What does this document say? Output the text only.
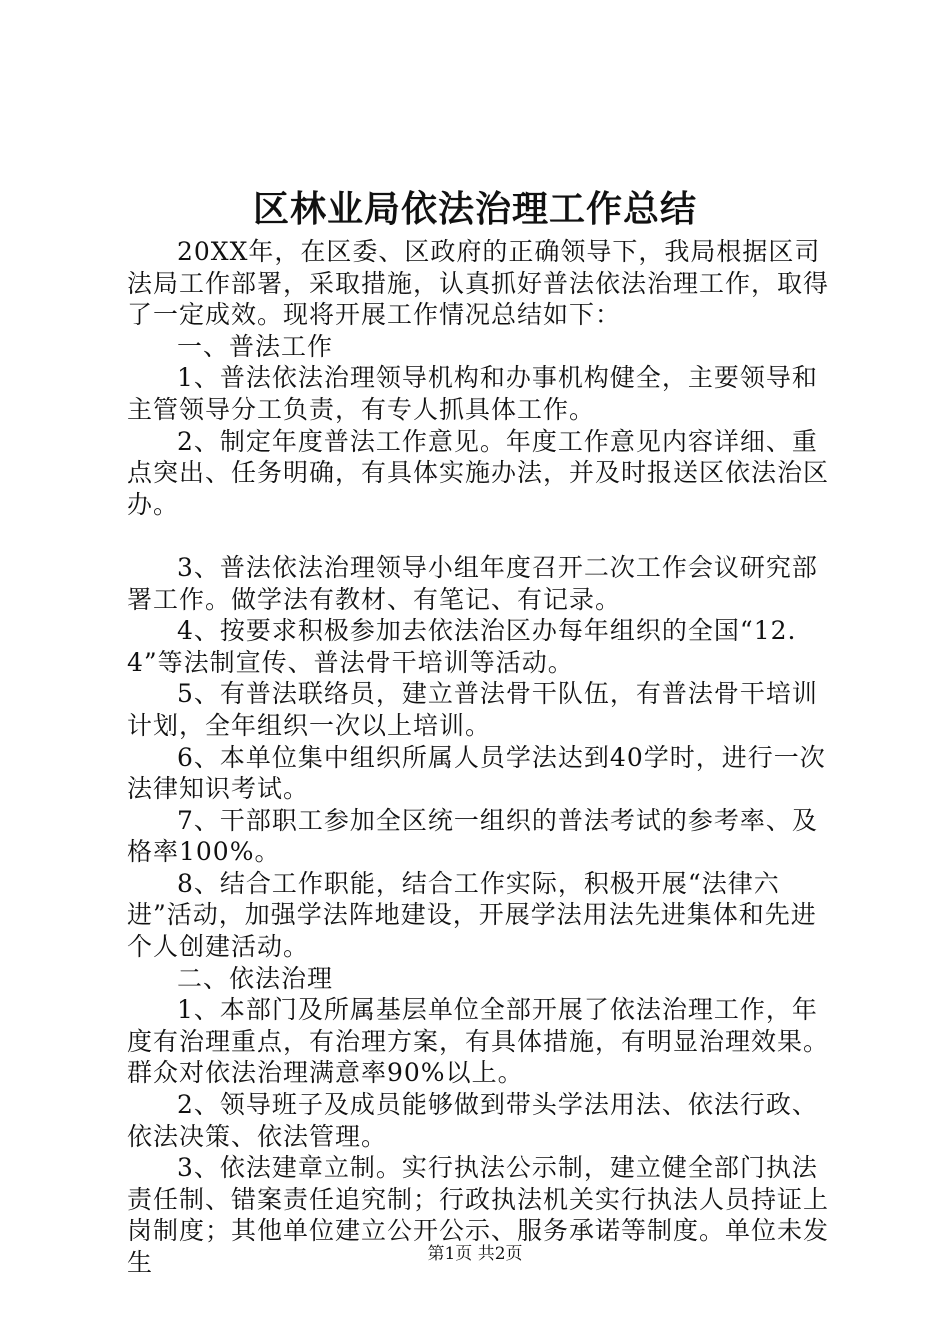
区林业局依法治理工作总结

20XX年，在区委、区政府的正确领导下，我局根据区司法局工作部署，采取措施，认真抓好普法依法治理工作，取得了一定成效。现将开展工作情况总结如下：

一、普法工作

1、普法依法治理领导机构和办事机构健全，主要领导和主管领导分工负责，有专人抓具体工作。

2、制定年度普法工作意见。年度工作意见内容详细、重点突出、任务明确，有具体实施办法，并及时报送区依法治区办。

3、普法依法治理领导小组年度召开二次工作会议研究部署工作。做学法有教材、有笔记、有记录。

4、按要求积极参加去依法治区办每年组织的全国“12.4”等法制宣传、普法骨干培训等活动。

5、有普法联络员，建立普法骨干队伍，有普法骨干培训计划，全年组织一次以上培训。

6、本单位集中组织所属人员学法达到40学时，进行一次法律知识考试。

7、干部职工参加全区统一组织的普法考试的参考率、及格率100%。

8、结合工作职能，结合工作实际，积极开展“法律六进”活动，加强学法阵地建设，开展学法用法先进集体和先进个人创建活动。

二、依法治理

1、本部门及所属基层单位全部开展了依法治理工作，年度有治理重点，有治理方案，有具体措施，有明显治理效果。群众对依法治理满意率90%以上。

2、领导班子及成员能够做到带头学法用法、依法行政、依法决策、依法管理。

3、依法建章立制。实行执法公示制，建立健全部门执法责任制、错案责任追究制；行政执法机关实行执法人员持证上岗制度；其他单位建立公开公示、服务承诺等制度。单位未发生	第1页 共2页
